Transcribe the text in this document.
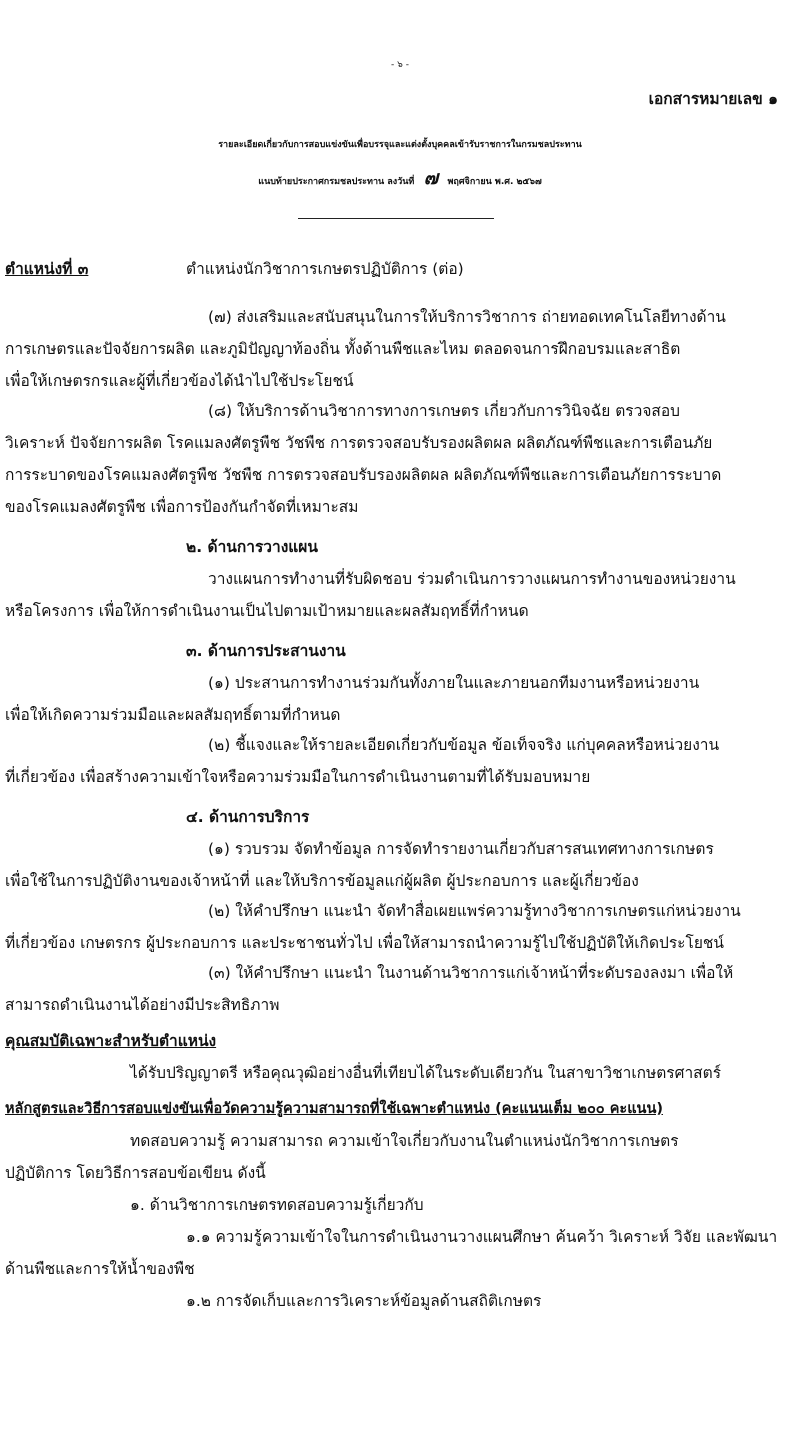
- ๖ -
เอกสารหมายเลข ๑
รายละเอียดเกี่ยวกับการสอบแข่งขันเพื่อบรรจุและแต่งตั้งบุคคลเข้ารับราชการในกรมชลประทาน
แนบท้ายประกาศกรมชลประทาน ลงวันที่ ๗ พฤศจิกายน พ.ศ. ๒๕๖๗
ตำแหน่งที่ ๓	ตำแหน่งนักวิชาการเกษตรปฏิบัติการ (ต่อ)
(๗) ส่งเสริมและสนับสนุนในการให้บริการวิชาการ ถ่ายทอดเทคโนโลยีทางด้าน
การเกษตรและปัจจัยการผลิต และภูมิปัญญาท้องถิ่น ทั้งด้านพืชและไหม ตลอดจนการฝึกอบรมและสาธิต
เพื่อให้เกษตรกรและผู้ที่เกี่ยวข้องได้นำไปใช้ประโยชน์
(๘) ให้บริการด้านวิชาการทางการเกษตร เกี่ยวกับการวินิจฉัย ตรวจสอบ
วิเคราะห์ ปัจจัยการผลิต โรคแมลงศัตรูพืช วัชพืช การตรวจสอบรับรองผลิตผล ผลิตภัณฑ์พืชและการเตือนภัย
การระบาดของโรคแมลงศัตรูพืช วัชพืช การตรวจสอบรับรองผลิตผล ผลิตภัณฑ์พืชและการเตือนภัยการระบาด
ของโรคแมลงศัตรูพืช เพื่อการป้องกันกำจัดที่เหมาะสม
๒. ด้านการวางแผน
วางแผนการทำงานที่รับผิดชอบ ร่วมดำเนินการวางแผนการทำงานของหน่วยงาน
หรือโครงการ เพื่อให้การดำเนินงานเป็นไปตามเป้าหมายและผลสัมฤทธิ์ที่กำหนด
๓. ด้านการประสานงาน
(๑) ประสานการทำงานร่วมกันทั้งภายในและภายนอกทีมงานหรือหน่วยงาน
เพื่อให้เกิดความร่วมมือและผลสัมฤทธิ์ตามที่กำหนด
(๒) ชี้แจงและให้รายละเอียดเกี่ยวกับข้อมูล ข้อเท็จจริง แก่บุคคลหรือหน่วยงาน
ที่เกี่ยวข้อง เพื่อสร้างความเข้าใจหรือความร่วมมือในการดำเนินงานตามที่ได้รับมอบหมาย
๔. ด้านการบริการ
(๑) รวบรวม จัดทำข้อมูล การจัดทำรายงานเกี่ยวกับสารสนเทศทางการเกษตร
เพื่อใช้ในการปฏิบัติงานของเจ้าหน้าที่ และให้บริการข้อมูลแก่ผู้ผลิต ผู้ประกอบการ และผู้เกี่ยวข้อง
(๒) ให้คำปรึกษา แนะนำ จัดทำสื่อเผยแพร่ความรู้ทางวิชาการเกษตรแก่หน่วยงาน
ที่เกี่ยวข้อง เกษตรกร ผู้ประกอบการ และประชาชนทั่วไป เพื่อให้สามารถนำความรู้ไปใช้ปฏิบัติให้เกิดประโยชน์
(๓) ให้คำปรึกษา แนะนำ ในงานด้านวิชาการแก่เจ้าหน้าที่ระดับรองลงมา เพื่อให้
สามารถดำเนินงานได้อย่างมีประสิทธิภาพ
คุณสมบัติเฉพาะสำหรับตำแหน่ง
ได้รับปริญญาตรี หรือคุณวุฒิอย่างอื่นที่เทียบได้ในระดับเดียวกัน ในสาขาวิชาเกษตรศาสตร์
หลักสูตรและวิธีการสอบแข่งขันเพื่อวัดความรู้ความสามารถที่ใช้เฉพาะตำแหน่ง (คะแนนเต็ม ๒๐๐ คะแนน)
ทดสอบความรู้ ความสามารถ ความเข้าใจเกี่ยวกับงานในตำแหน่งนักวิชาการเกษตร
ปฏิบัติการ โดยวิธีการสอบข้อเขียน ดังนี้
๑. ด้านวิชาการเกษตรทดสอบความรู้เกี่ยวกับ
๑.๑ ความรู้ความเข้าใจในการดำเนินงานวางแผนศึกษา ค้นคว้า วิเคราะห์ วิจัย และพัฒนา
ด้านพืชและการให้น้ำของพืช
๑.๒ การจัดเก็บและการวิเคราะห์ข้อมูลด้านสถิติเกษตร
